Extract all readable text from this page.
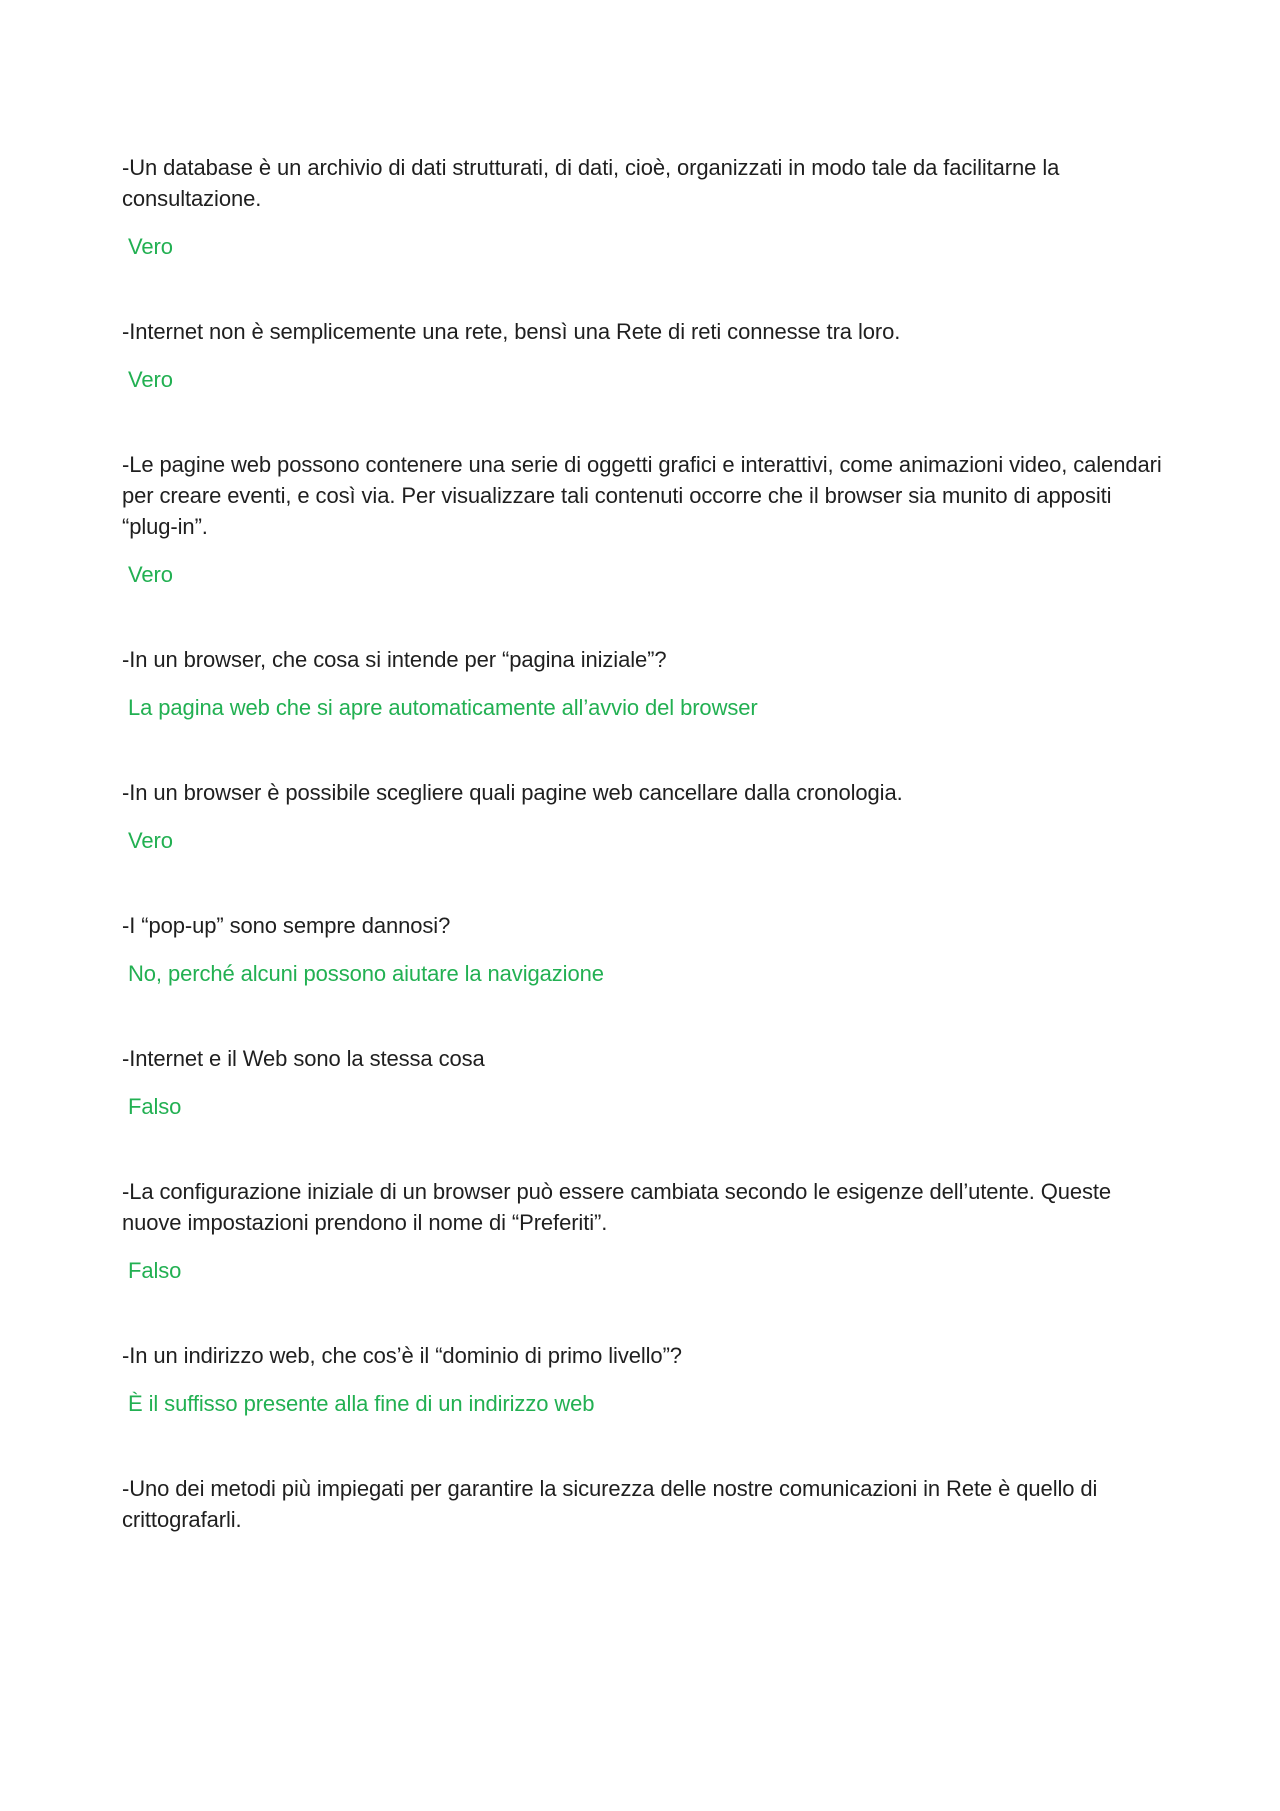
-Un database è un archivio di dati strutturati, di dati, cioè, organizzati in modo tale da facilitarne la consultazione.

Vero

-Internet non è semplicemente una rete, bensì una Rete di reti connesse tra loro.

Vero

-Le pagine web possono contenere una serie di oggetti grafici e interattivi, come animazioni video, calendari per creare eventi, e così via. Per visualizzare tali contenuti occorre che il browser sia munito di appositi “plug-in”.

Vero

-In un browser, che cosa si intende per “pagina iniziale”?

La pagina web che si apre automaticamente all’avvio del browser

-In un browser è possibile scegliere quali pagine web cancellare dalla cronologia.

Vero

-I “pop-up” sono sempre dannosi?

No, perché alcuni possono aiutare la navigazione

-Internet e il Web sono la stessa cosa

Falso

-La configurazione iniziale di un browser può essere cambiata secondo le esigenze dell’utente. Queste nuove impostazioni prendono il nome di “Preferiti”.

Falso

-In un indirizzo web, che cos’è il “dominio di primo livello”?

È il suffisso presente alla fine di un indirizzo web

-Uno dei metodi più impiegati per garantire la sicurezza delle nostre comunicazioni in Rete è quello di crittografarli.
